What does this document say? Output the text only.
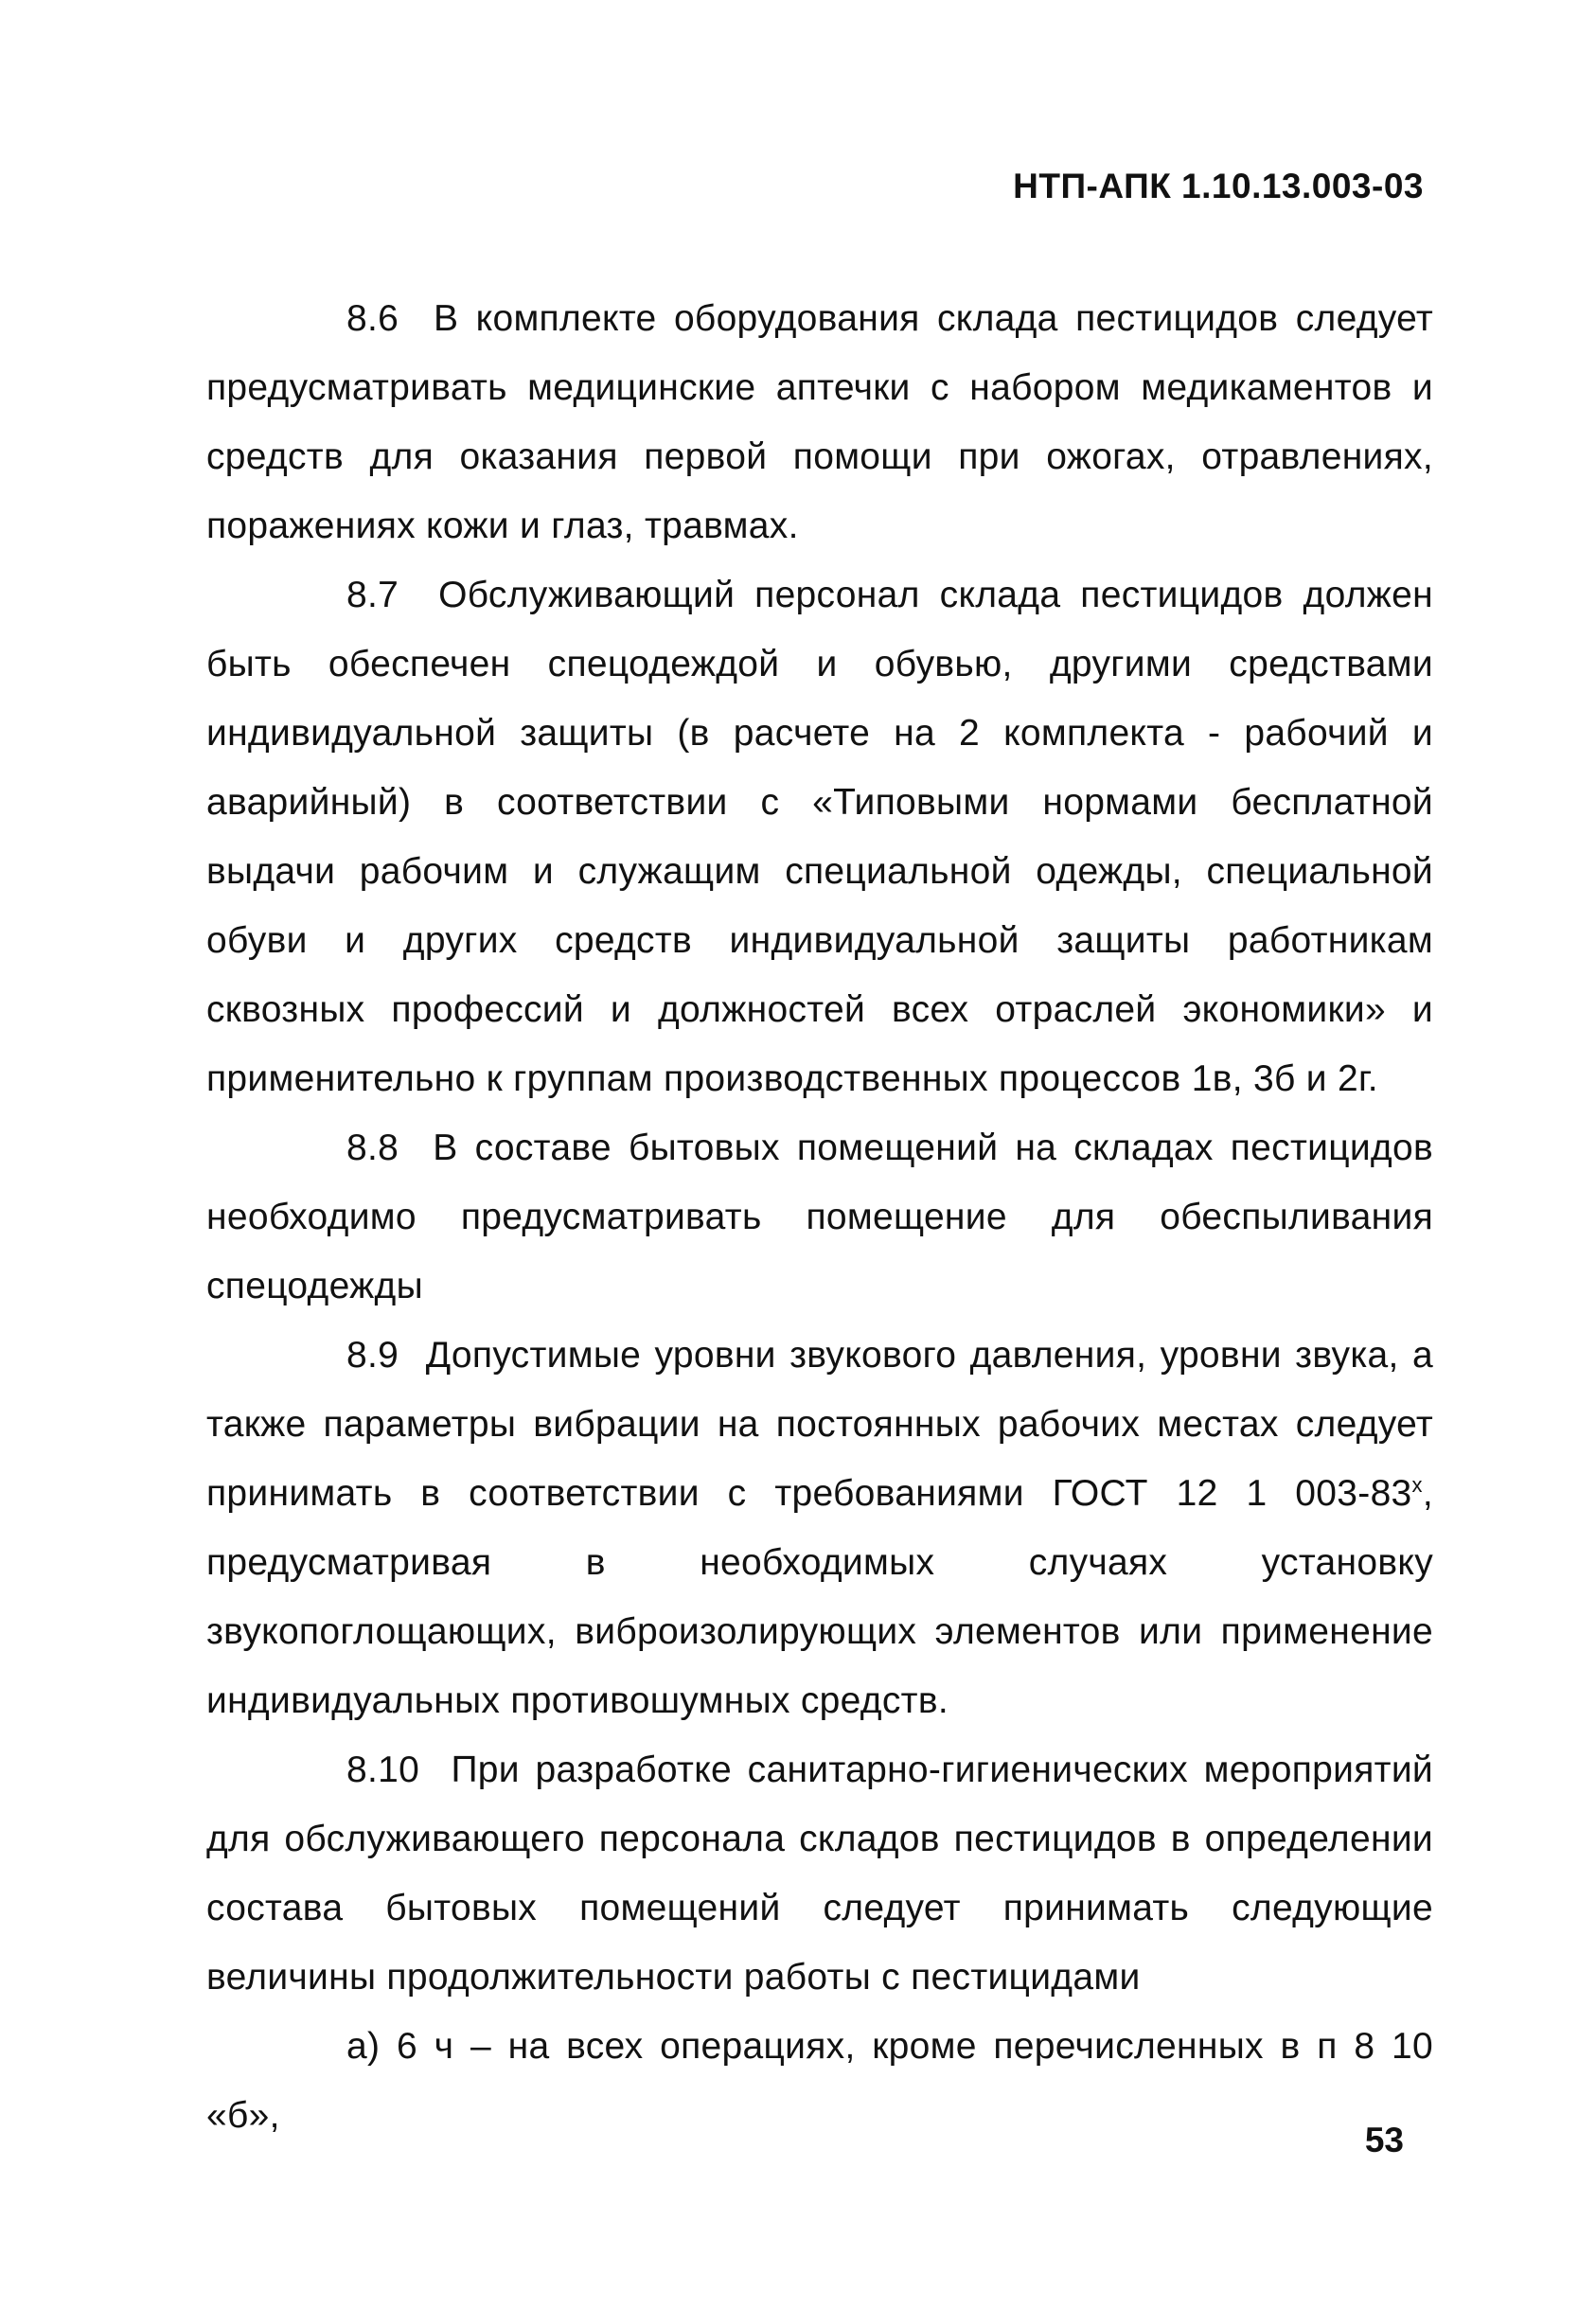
НТП-АПК 1.10.13.003-03

8.6 В комплекте оборудования склада пестицидов следует предусматривать медицинские аптечки с набором медикаментов и средств для оказания первой помощи при ожогах, отравлениях, поражениях кожи и глаз, травмах.

8.7 Обслуживающий персонал склада пестицидов должен быть обеспечен спецодеждой и обувью, другими средствами индивидуальной защиты (в расчете на 2 комплекта - рабочий и аварийный) в соответствии с «Типовыми нормами бесплатной выдачи рабочим и служащим специальной одежды, специальной обуви и других средств индивидуальной защиты работникам сквозных профессий и должностей всех отраслей экономики» и применительно к группам производственных процессов 1в, 3б и 2г.

8.8 В составе бытовых помещений на складах пестицидов необходимо предусматривать помещение для обеспыливания спецодежды

8.9 Допустимые уровни звукового давления, уровни звука, а также параметры вибрации на постоянных рабочих местах следует принимать в соответствии с требованиями ГОСТ 12 1 $003-83^х$, предусматривая в необходимых случаях установку звукопоглощающих, виброизолирующих элементов или применение индивидуальных противошумных средств.

8.10 При разработке санитарно-гигиенических мероприятий для обслуживающего персонала складов пестицидов в определении состава бытовых помещений следует принимать следующие величины продолжительности работы с пестицидами

а) 6 ч – на всех операциях, кроме перечисленных в п 8 10 «б»,

53
